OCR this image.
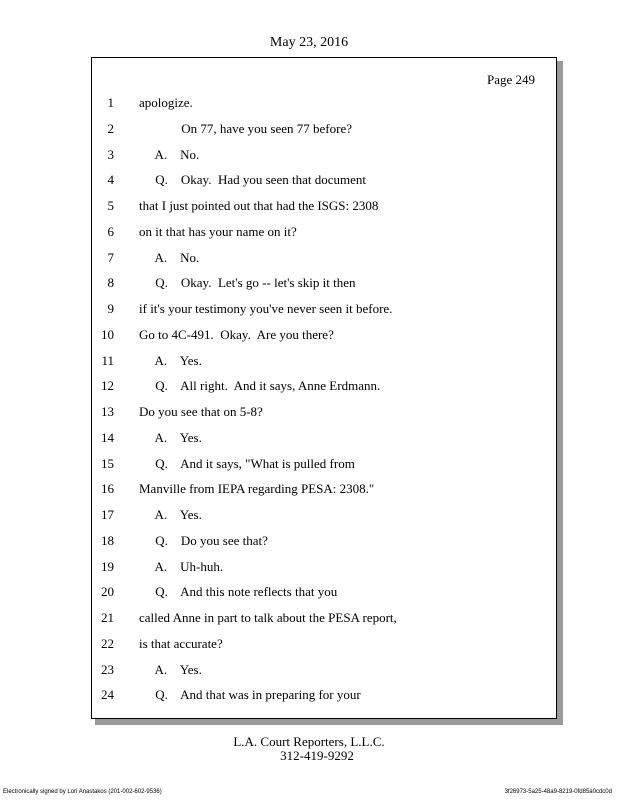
May 23, 2016
Page 249
1 apologize.
2 On 77, have you seen 77 before?
3 A.    No.
4 Q.    Okay.  Had you seen that document
5 that I just pointed out that had the ISGS: 2308
6 on it that has your name on it?
7 A.    No.
8 Q.    Okay.  Let's go -- let's skip it then
9 if it's your testimony you've never seen it before.
10 Go to 4C-491.  Okay.  Are you there?
11 A.    Yes.
12 Q.    All right.  And it says, Anne Erdmann.
13 Do you see that on 5-8?
14 A.    Yes.
15 Q.    And it says, "What is pulled from
16 Manville from IEPA regarding PESA: 2308."
17 A.    Yes.
18 Q.    Do you see that?
19 A.    Uh-huh.
20 Q.    And this note reflects that you
21 called Anne in part to talk about the PESA report,
22 is that accurate?
23 A.    Yes.
24 Q.    And that was in preparing for your
L.A. Court Reporters, L.L.C.
312-419-9292
Electronically signed by Lori Anastakos (201-002-602-9536)	3f26973-5a25-48a9-8219-0fd85a0cdc0d
